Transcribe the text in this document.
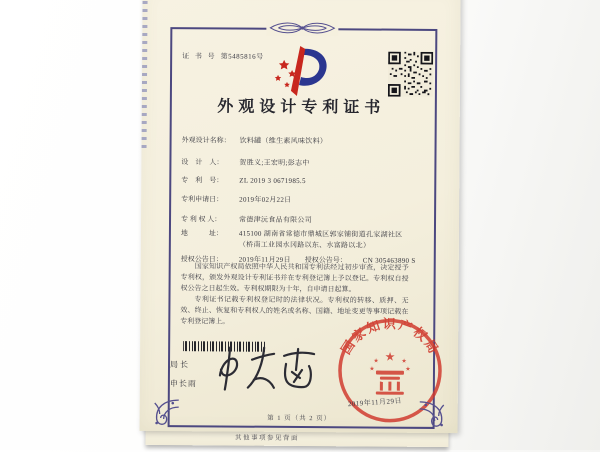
其他事项参见背面
证 书 号 第5485816号
外观设计专利证书
外观设计名称： 饮料罐（维生素风味饮料）
设　计　人： 贺胜义;王宏明;彭志中
专　利　号： ZL 2019 3 0671985.5
专利申请日： 2019年02月22日
专 利 权 人：	常德津沅食品有限公司
地　　　址： 415100 湖南省常德市鼎城区郭家铺街道孔家湖社区（桥南工业园水冈路以东、水富路以北）
授权公告日： 2019年11月29日 授权公告号： CN 305463890 S

国家知识产权局依照中华人民共和国专利法经过初步审查，决定授予专利权，颁发外观设计专利证书并在专利登记簿上予以登记。专利权自授权公告之日起生效。专利权期限为十年，自申请日起算。

专利证书记载专利权登记时的法律状况。专利权的转移、质押、无效、终止、恢复和专利权人的姓名或名称、国籍、地址变更等事项记载在专利登记簿上。

局长
申长雨
国家知识产权局
★
★	★
★	★
2019年11月29日
第 1 页（共 2 页）
